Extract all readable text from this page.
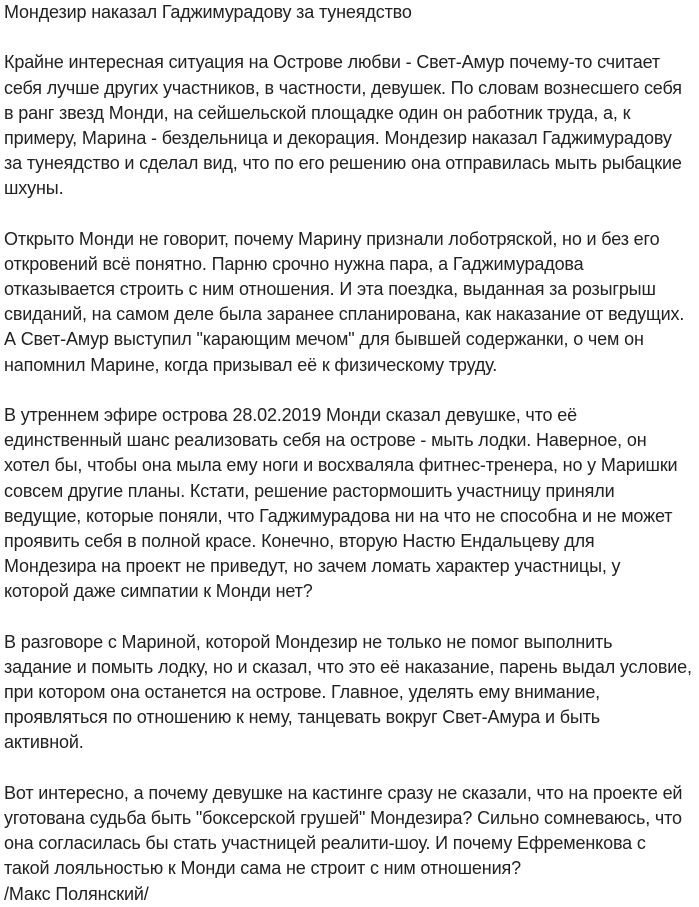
Мондезир наказал Гаджимурадову за тунеядство
Крайне интересная ситуация на Острове любви - Свет-Амур почему-то считает
себя лучше других участников, в частности, девушек. По словам вознесшего себя
в ранг звезд Монди, на сейшельской площадке один он работник труда, а, к
примеру, Марина - бездельница и декорация. Мондезир наказал Гаджимурадову
за тунеядство и сделал вид, что по его решению она отправилась мыть рыбацкие
шхуны.
Открыто Монди не говорит, почему Марину признали лоботряской, но и без его
откровений всё понятно. Парню срочно нужна пара, а Гаджимурадова
отказывается строить с ним отношения. И эта поездка, выданная за розыгрыш
свиданий, на самом деле была заранее спланирована, как наказание от ведущих.
А Свет-Амур выступил "карающим мечом" для бывшей содержанки, о чем он
напомнил Марине, когда призывал её к физическому труду.
В утреннем эфире острова 28.02.2019 Монди сказал девушке, что её
единственный шанс реализовать себя на острове - мыть лодки. Наверное, он
хотел бы, чтобы она мыла ему ноги и восхваляла фитнес-тренера, но у Маришки
совсем другие планы. Кстати, решение растормошить участницу приняли
ведущие, которые поняли, что Гаджимурадова ни на что не способна и не может
проявить себя в полной красе. Конечно, вторую Настю Ендальцеву для
Мондезира на проект не приведут, но зачем ломать характер участницы, у
которой даже симпатии к Монди нет?
В разговоре с Мариной, которой Мондезир не только не помог выполнить
задание и помыть лодку, но и сказал, что это её наказание, парень выдал условие,
при котором она останется на острове. Главное, уделять ему внимание,
проявляться по отношению к нему, танцевать вокруг Свет-Амура и быть
активной.
Вот интересно, а почему девушке на кастинге сразу не сказали, что на проекте ей
уготована судьба быть "боксерской грушей" Мондезира? Сильно сомневаюсь, что
она согласилась бы стать участницей реалити-шоу. И почему Ефременкова с
такой лояльностью к Монди сама не строит с ним отношения?
/Макс Полянский/
